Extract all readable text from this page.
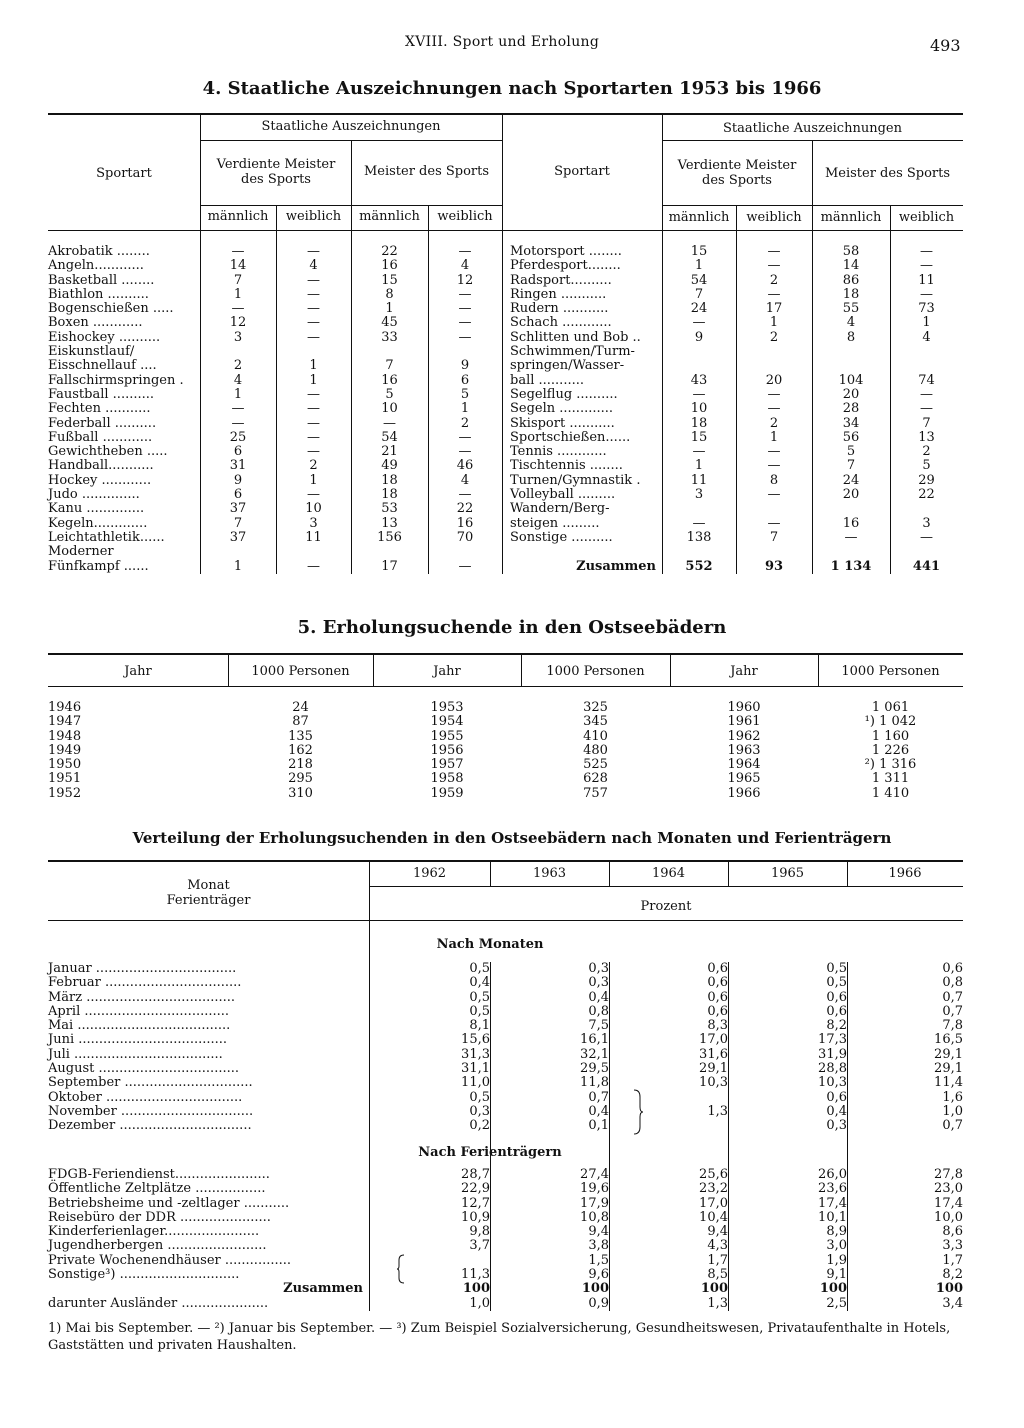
XVIII. Sport und Erholung	493
4. Staatliche Auszeichnungen nach Sportarten 1953 bis 1966
Sportart
Staatliche Auszeichnungen
Verdiente Meister des Sports
Meister des Sports
männlich	weiblich	männlich	weiblich
Sportart
Staatliche Auszeichnungen
Verdiente Meister des Sports	Meister des Sports
männlich	weiblich	männlich	weiblich
Akrobatik ........	—	—	22	—
Angeln............	14	4	16	4
Basketball ........	7	—	15	12
Biathlon ..........	1	—	8	—
Bogenschießen .....	—	—	1	—
Boxen ............	12	—	45	—
Eishockey ..........	3	—	33	—
Eiskunstlauf/				
Eisschnellauf ....	2	1	7	9
Fallschirmspringen .	4	1	16	6
Faustball ..........	1	—	5	5
Fechten ...........	—	—	10	1
Federball ..........	—	—	—	2
Fußball ............	25	—	54	—
Gewichtheben .....	6	—	21	—
Handball...........	31	2	49	46
Hockey ............	9	1	18	4
Judo ..............	6	—	18	—
Kanu ..............	37	10	53	22
Kegeln.............	7	3	13	16
Leichtathletik......	37	11	156	70
Moderner				
Fünfkampf ......	1	—	17	—
Motorsport ........	15	—	58	—
Pferdesport........	1	—	14	—
Radsport..........	54	2	86	11
Ringen ...........	7	—	18	—
Rudern ...........	24	17	55	73
Schach ............	—	1	4	1
Schlitten und Bob ..	9	2	8	4
Schwimmen/Turm-				
springen/Wasser-				
ball ...........	43	20	104	74
Segelflug ..........	—	—	20	—
Segeln .............	10	—	28	—
Skisport ...........	18	2	34	7
Sportschießen......	15	1	56	13
Tennis ............	—	—	5	2
Tischtennis ........	1	—	7	5
Turnen/Gymnastik .	11	8	24	29
Volleyball .........	3	—	20	22
Wandern/Berg-				
steigen .........	—	—	16	3
Sonstige ..........	138	7	—	—

Zusammen	552	93	1 134	441
5. Erholungsuchende in den Ostseebädern
Jahr	1000 Personen	Jahr	1000 Personen	Jahr	1000 Personen
1946	24	1953	325	1960	1 061
1947	87	1954	345	1961	¹) 1 042
1948	135	1955	410	1962	1 160
1949	162	1956	480	1963	1 226
1950	218	1957	525	1964	²) 1 316
1951	295	1958	628	1965	1 311
1952	310	1959	757	1966	1 410
Verteilung der Erholungsuchenden in den Ostseebädern nach Monaten und Ferienträgern
Monat
Ferienträger
1962	1963	1964	1965	1966
Prozent
Nach Monaten
Januar ..................................	0,5	0,3	0,6	0,5	0,6
Februar .................................	0,4	0,3	0,6	0,5	0,8
März ....................................	0,5	0,4	0,6	0,6	0,7
April ...................................	0,5	0,8	0,6	0,6	0,7
Mai .....................................	8,1	7,5	8,3	8,2	7,8
Juni ....................................	15,6	16,1	17,0	17,3	16,5
Juli ....................................	31,3	32,1	31,6	31,9	29,1
August ..................................	31,1	29,5	29,1	28,8	29,1
September ...............................	11,0	11,8	10,3	10,3	11,4
Oktober .................................	0,5	0,7		0,6	1,6
November ................................	0,3	0,4	1,3	0,4	1,0
Dezember ................................	0,2	0,1		0,3	0,7
Nach Ferienträgern
FDGB-Feriendienst.......................	28,7	27,4	25,6	26,0	27,8
Öffentliche Zeltplätze .................	22,9	19,6	23,2	23,6	23,0
Betriebsheime und -zeltlager ...........	12,7	17,9	17,0	17,4	17,4
Reisebüro der DDR ......................	10,9	10,8	10,4	10,1	10,0
Kinderferienlager.......................	9,8	9,4	9,4	8,9	8,6
Jugendherbergen ........................	3,7	3,8	4,3	3,0	3,3
Private Wochenendhäuser ................		1,5	1,7	1,9	1,7
Sonstige³) .............................	11,3	9,6	8,5	9,1	8,2
Zusammen	100	100	100	100	100
darunter Ausländer .....................	1,0	0,9	1,3	2,5	3,4
1) Mai bis September. — ²) Januar bis September. — ³) Zum Beispiel Sozialversicherung, Gesundheitswesen, Privataufenthalte in Hotels, Gaststätten und privaten Haushalten.
